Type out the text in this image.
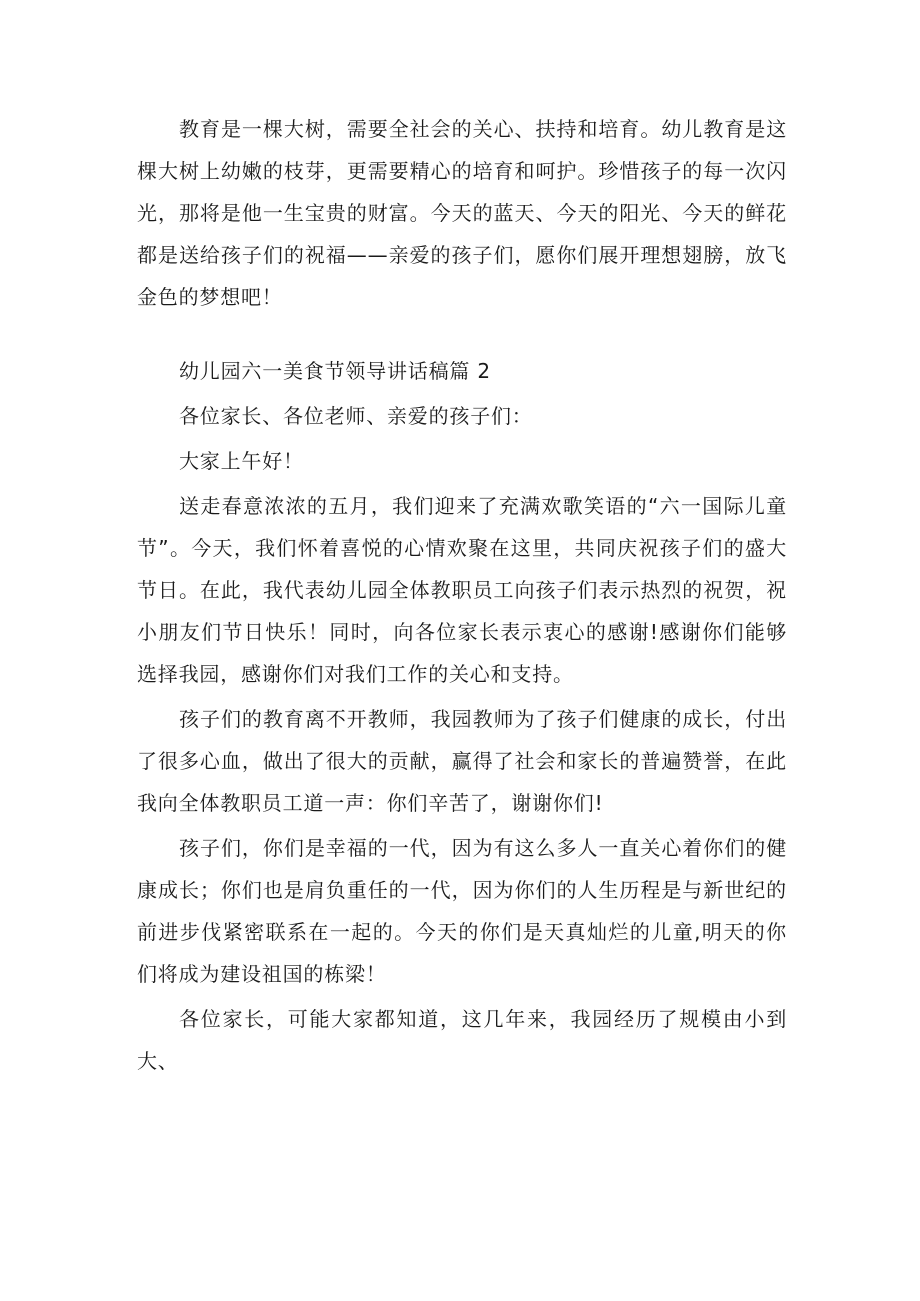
教育是一棵大树，需要全社会的关心、扶持和培育。幼儿教育是这棵大树上幼嫩的枝芽，更需要精心的培育和呵护。珍惜孩子的每一次闪光，那将是他一生宝贵的财富。今天的蓝天、今天的阳光、今天的鲜花都是送给孩子们的祝福——亲爱的孩子们，愿你们展开理想翅膀，放飞金色的梦想吧！

幼儿园六一美食节领导讲话稿篇 2

各位家长、各位老师、亲爱的孩子们：

大家上午好！

送走春意浓浓的五月，我们迎来了充满欢歌笑语的“六一国际儿童节”。今天，我们怀着喜悦的心情欢聚在这里，共同庆祝孩子们的盛大节日。在此，我代表幼儿园全体教职员工向孩子们表示热烈的祝贺，祝小朋友们节日快乐！同时，向各位家长表示衷心的感谢!感谢你们能够选择我园，感谢你们对我们工作的关心和支持。

孩子们的教育离不开教师，我园教师为了孩子们健康的成长，付出了很多心血，做出了很大的贡献，赢得了社会和家长的普遍赞誉，在此我向全体教职员工道一声：你们辛苦了，谢谢你们!

孩子们，你们是幸福的一代，因为有这么多人一直关心着你们的健康成长；你们也是肩负重任的一代，因为你们的人生历程是与新世纪的前进步伐紧密联系在一起的。今天的你们是天真灿烂的儿童,明天的你们将成为建设祖国的栋梁！

各位家长，可能大家都知道，这几年来，我园经历了规模由小到大、
